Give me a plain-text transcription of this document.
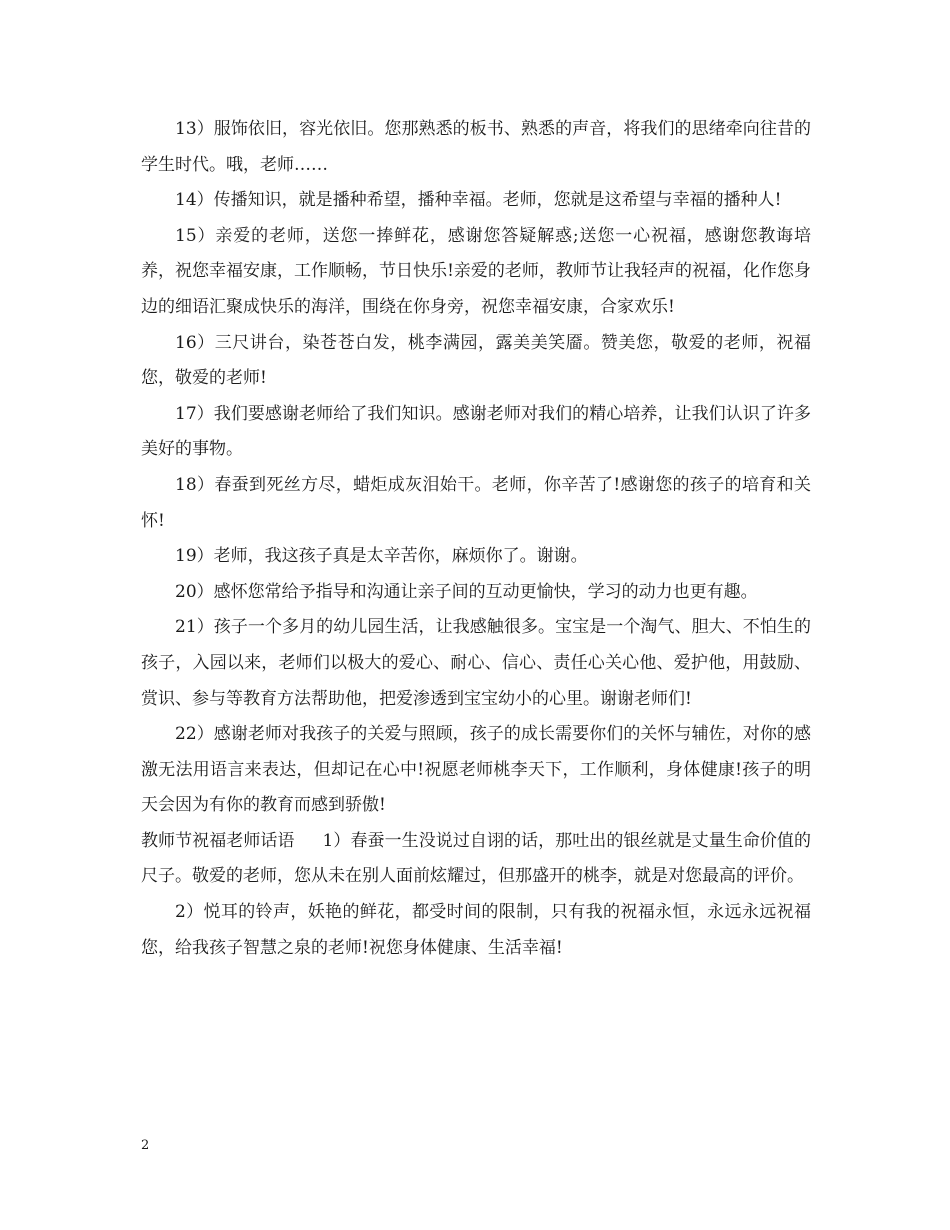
13）服饰依旧，容光依旧。您那熟悉的板书、熟悉的声音，将我们的思绪牵向往昔的学生时代。哦，老师……

14）传播知识，就是播种希望，播种幸福。老师，您就是这希望与幸福的播种人!

15）亲爱的老师，送您一捧鲜花，感谢您答疑解惑;送您一心祝福，感谢您教诲培养，祝您幸福安康，工作顺畅，节日快乐!亲爱的老师，教师节让我轻声的祝福，化作您身边的细语汇聚成快乐的海洋，围绕在你身旁，祝您幸福安康，合家欢乐!

16）三尺讲台，染苍苍白发，桃李满园，露美美笑靥。赞美您，敬爱的老师，祝福您，敬爱的老师!

17）我们要感谢老师给了我们知识。感谢老师对我们的精心培养，让我们认识了许多美好的事物。

18）春蚕到死丝方尽，蜡炬成灰泪始干。老师，你辛苦了!感谢您的孩子的培育和关怀!

19）老师，我这孩子真是太辛苦你，麻烦你了。谢谢。

20）感怀您常给予指导和沟通让亲子间的互动更愉快，学习的动力也更有趣。

21）孩子一个多月的幼儿园生活，让我感触很多。宝宝是一个淘气、胆大、不怕生的孩子，入园以来，老师们以极大的爱心、耐心、信心、责任心关心他、爱护他，用鼓励、赏识、参与等教育方法帮助他，把爱渗透到宝宝幼小的心里。谢谢老师们!

22）感谢老师对我孩子的关爱与照顾，孩子的成长需要你们的关怀与辅佐，对你的感激无法用语言来表达，但却记在心中!祝愿老师桃李天下，工作顺利，身体健康!孩子的明天会因为有你的教育而感到骄傲!

教师节祝福老师话语 1）春蚕一生没说过自诩的话，那吐出的银丝就是丈量生命价值的尺子。敬爱的老师，您从未在别人面前炫耀过，但那盛开的桃李，就是对您最高的评价。

2）悦耳的铃声，妖艳的鲜花，都受时间的限制，只有我的祝福永恒，永远永远祝福您，给我孩子智慧之泉的老师!祝您身体健康、生活幸福!

2
